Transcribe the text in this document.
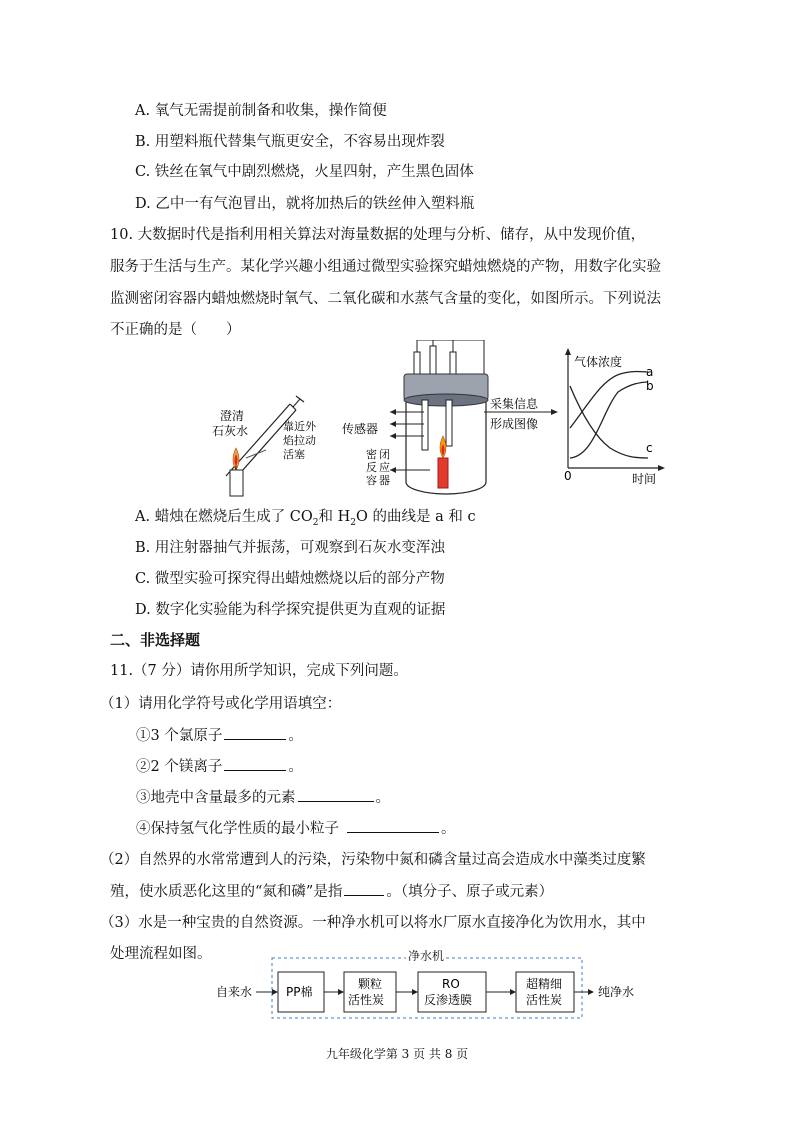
A. 氧气无需提前制备和收集，操作简便
B. 用塑料瓶代替集气瓶更安全，不容易出现炸裂
C. 铁丝在氧气中剧烈燃烧，火星四射，产生黑色固体
D. 乙中一有气泡冒出，就将加热后的铁丝伸入塑料瓶
10. 大数据时代是指利用相关算法对海量数据的处理与分析、储存，从中发现价值，
服务于生活与生产。某化学兴趣小组通过微型实验探究蜡烛燃烧的产物，用数字化实验
监测密闭容器内蜡烛燃烧时氧气、二氧化碳和水蒸气含量的变化，如图所示。下列说法
不正确的是（　　）
澄清
石灰水	靠近外
焰拉动
活塞
传感器
密 闭
反 应
容 器
采集信息
形成图像
气体浓度
a
b
c
0	时间
A. 蜡烛在燃烧后生成了 $CO_2$和 $H_2O$ 的曲线是 a 和 c
B. 用注射器抽气并振荡，可观察到石灰水变浑浊
C. 微型实验可探究得出蜡烛燃烧以后的部分产物
D. 数字化实验能为科学探究提供更为直观的证据
二、非选择题
11.（7 分）请你用所学知识，完成下列问题。
（1）请用化学符号或化学用语填空：
①3 个氯原子	。
②2 个镁离子	。
③地壳中含量最多的元素	。
④保持氢气化学性质的最小粒子	。
（2）自然界的水常常遭到人的污染，污染物中氮和磷含量过高会造成水中藻类过度繁
殖，使水质恶化这里的“氮和磷”是指	。（填分子、原子或元素）
（3）水是一种宝贵的自然资源。一种净水机可以将水厂原水直接净化为饮用水，其中
处理流程如图。	净水机
自来水	PP棉
颗粒
活性炭
RO
反渗透膜
超精细
活性炭
纯净水
九年级化学第 3 页 共 8 页
